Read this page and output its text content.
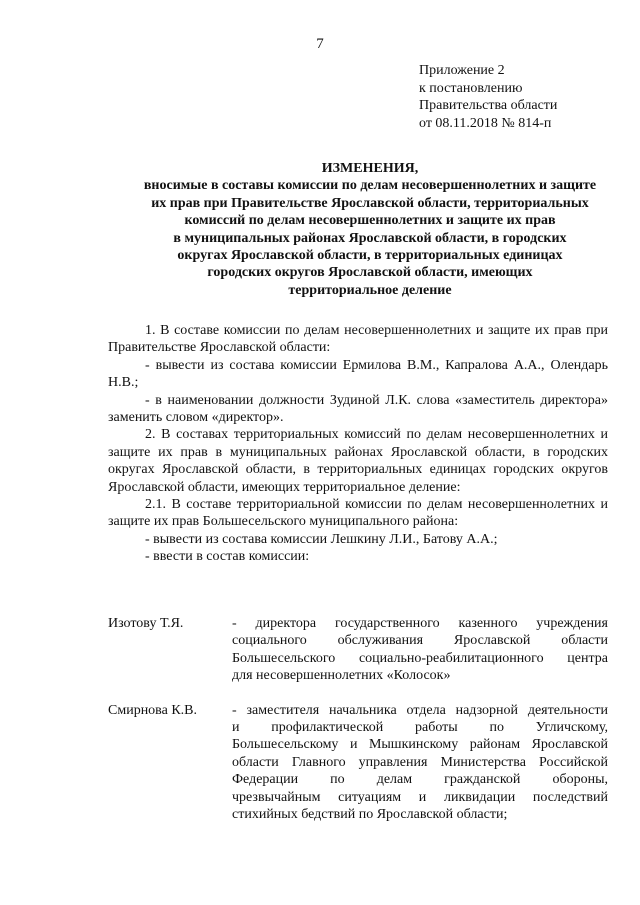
7
Приложение 2
к постановлению
Правительства области
от 08.11.2018 № 814-п
ИЗМЕНЕНИЯ,
вносимые в составы комиссии по делам несовершеннолетних и защите
их прав при Правительстве Ярославской области, территориальных
комиссий по делам несовершеннолетних и защите их прав
в муниципальных районах Ярославской области, в городских
округах Ярославской области, в территориальных единицах
городских округов Ярославской области, имеющих
территориальное деление

1. В составе комиссии по делам несовершеннолетних и защите их прав при Правительстве Ярославской области:

- вывести из состава комиссии Ермилова В.М., Капралова А.А., Олендарь Н.В.;

- в наименовании должности Зудиной Л.К. слова «заместитель директора» заменить словом «директор».

2. В составах территориальных комиссий по делам несовершеннолетних и защите их прав в муниципальных районах Ярославской области, в городских округах Ярославской области, в территориальных единицах городских округов Ярославской области, имеющих территориальное деление:

2.1. В составе территориальной комиссии по делам несовершеннолетних и защите их прав Большесельского муниципального района:

- вывести из состава комиссии Лешкину Л.И., Батову А.А.;

- ввести в состав комиссии:

Изотову Т.Я.	- директора государственного казенного учреждения
социального обслуживания Ярославской области
Большесельского социально-реабилитационного центра
для несовершеннолетних «Колосок»
Смирнова К.В.	- заместителя начальника отдела надзорной деятельности
и профилактической работы по Угличскому,
Большесельскому и Мышкинскому районам Ярославской
области Главного управления Министерства Российской
Федерации по делам гражданской обороны,
чрезвычайным ситуациям и ликвидации последствий
стихийных бедствий по Ярославской области;
